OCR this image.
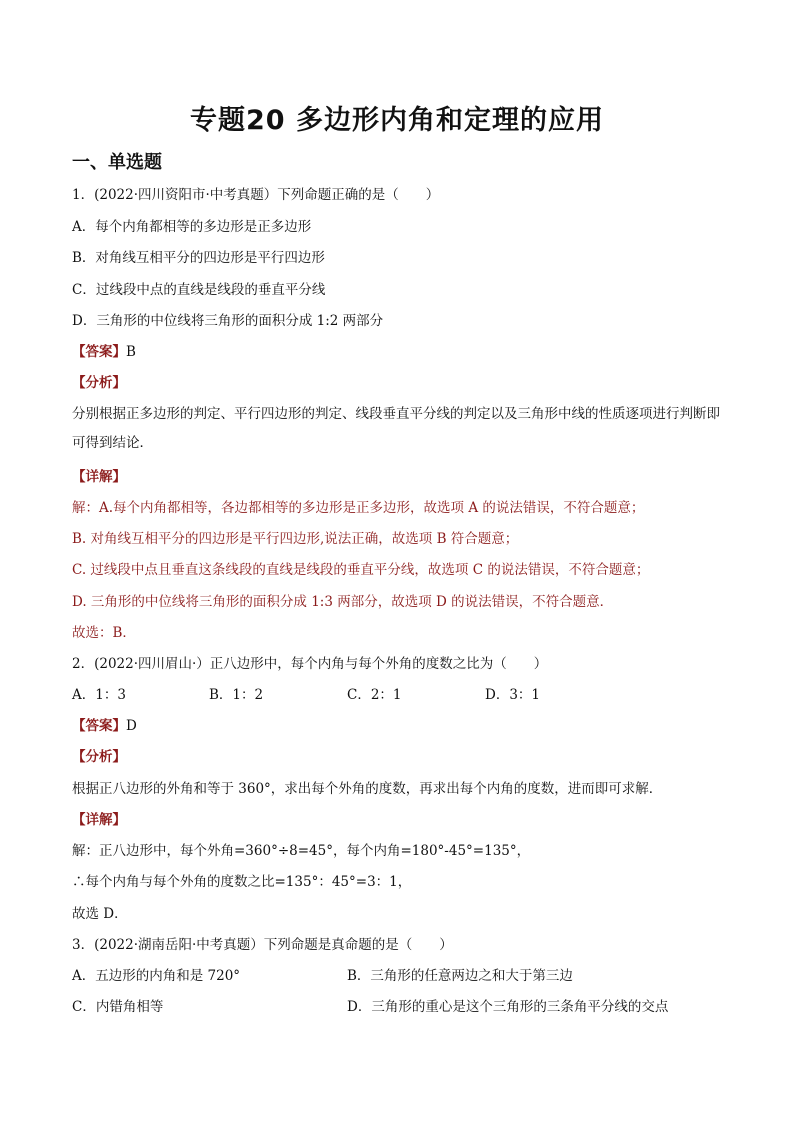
专题20 多边形内角和定理的应用
一、单选题
1．(2022·四川资阳市·中考真题）下列命题正确的是（　　）
A．每个内角都相等的多边形是正多边形
B．对角线互相平分的四边形是平行四边形
C．过线段中点的直线是线段的垂直平分线
D．三角形的中位线将三角形的面积分成 1:2 两部分
【答案】B
【分析】
分别根据正多边形的判定、平行四边形的判定、线段垂直平分线的判定以及三角形中线的性质逐项进行判断即可得到结论．
【详解】
解：A.每个内角都相等，各边都相等的多边形是正多边形，故选项 A 的说法错误，不符合题意；
B. 对角线互相平分的四边形是平行四边形,说法正确，故选项 B 符合题意；
C. 过线段中点且垂直这条线段的直线是线段的垂直平分线，故选项 C 的说法错误，不符合题意；
D. 三角形的中位线将三角形的面积分成 1:3 两部分，故选项 D 的说法错误，不符合题意．
故选：B．
2．(2022·四川眉山·）正八边形中，每个内角与每个外角的度数之比为（　　）
A．1：3	B．1：2	C．2：1	D．3：1
【答案】D
【分析】
根据正八边形的外角和等于 360°，求出每个外角的度数，再求出每个内角的度数，进而即可求解．
【详解】
解：正八边形中，每个外角=360°÷8=45°，每个内角=180°-45°=135°，
∴每个内角与每个外角的度数之比=135°：45°=3：1，
故选 D．
3．(2022·湖南岳阳·中考真题）下列命题是真命题的是（　　）
A．五边形的内角和是 720°	B．三角形的任意两边之和大于第三边
C．内错角相等	D．三角形的重心是这个三角形的三条角平分线的交点
